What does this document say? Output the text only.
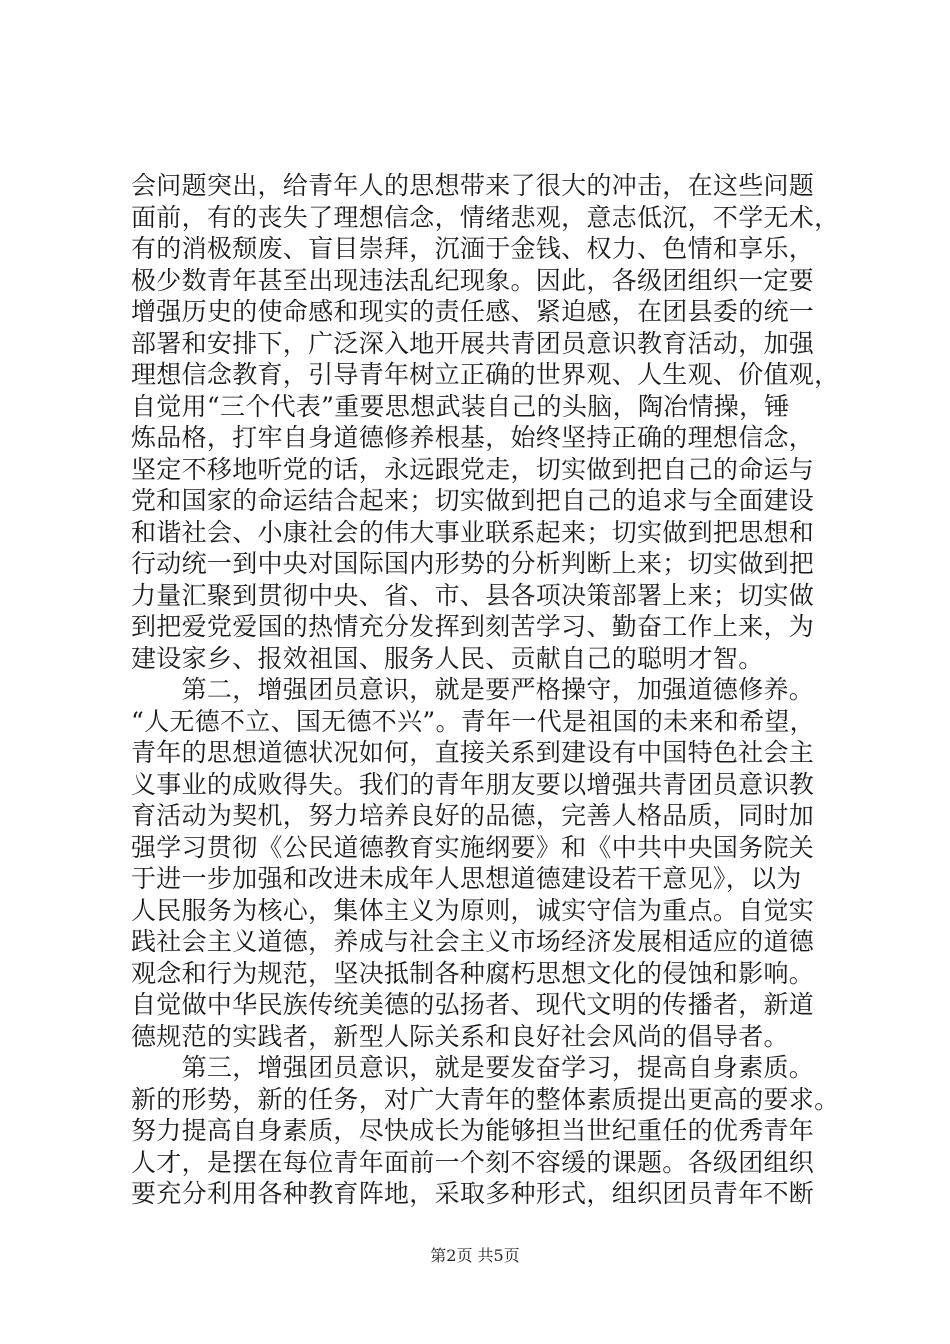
会问题突出，给青年人的思想带来了很大的冲击，在这些问题
面前，有的丧失了理想信念，情绪悲观，意志低沉，不学无术，
有的消极颓废、盲目崇拜，沉湎于金钱、权力、色情和享乐，
极少数青年甚至出现违法乱纪现象。因此，各级团组织一定要
增强历史的使命感和现实的责任感、紧迫感，在团县委的统一
部署和安排下，广泛深入地开展共青团员意识教育活动，加强
理想信念教育，引导青年树立正确的世界观、人生观、价值观，
自觉用“三个代表”重要思想武装自己的头脑，陶冶情操，锤
炼品格，打牢自身道德修养根基，始终坚持正确的理想信念，
坚定不移地听党的话，永远跟党走，切实做到把自己的命运与
党和国家的命运结合起来；切实做到把自己的追求与全面建设
和谐社会、小康社会的伟大事业联系起来；切实做到把思想和
行动统一到中央对国际国内形势的分析判断上来；切实做到把
力量汇聚到贯彻中央、省、市、县各项决策部署上来；切实做
到把爱党爱国的热情充分发挥到刻苦学习、勤奋工作上来，为
建设家乡、报效祖国、服务人民、贡献自己的聪明才智。
　　第二，增强团员意识，就是要严格操守，加强道德修养。
“人无德不立、国无德不兴”。青年一代是祖国的未来和希望，
青年的思想道德状况如何，直接关系到建设有中国特色社会主
义事业的成败得失。我们的青年朋友要以增强共青团员意识教
育活动为契机，努力培养良好的品德，完善人格品质，同时加
强学习贯彻《公民道德教育实施纲要》和《中共中央国务院关
于进一步加强和改进未成年人思想道德建设若干意见》，以为
人民服务为核心，集体主义为原则，诚实守信为重点。自觉实
践社会主义道德，养成与社会主义市场经济发展相适应的道德
观念和行为规范，坚决抵制各种腐朽思想文化的侵蚀和影响。
自觉做中华民族传统美德的弘扬者、现代文明的传播者，新道
德规范的实践者，新型人际关系和良好社会风尚的倡导者。
　　第三，增强团员意识，就是要发奋学习，提高自身素质。
新的形势，新的任务，对广大青年的整体素质提出更高的要求。
努力提高自身素质，尽快成长为能够担当世纪重任的优秀青年
人才，是摆在每位青年面前一个刻不容缓的课题。各级团组织
要充分利用各种教育阵地，采取多种形式，组织团员青年不断
第2页 共5页
